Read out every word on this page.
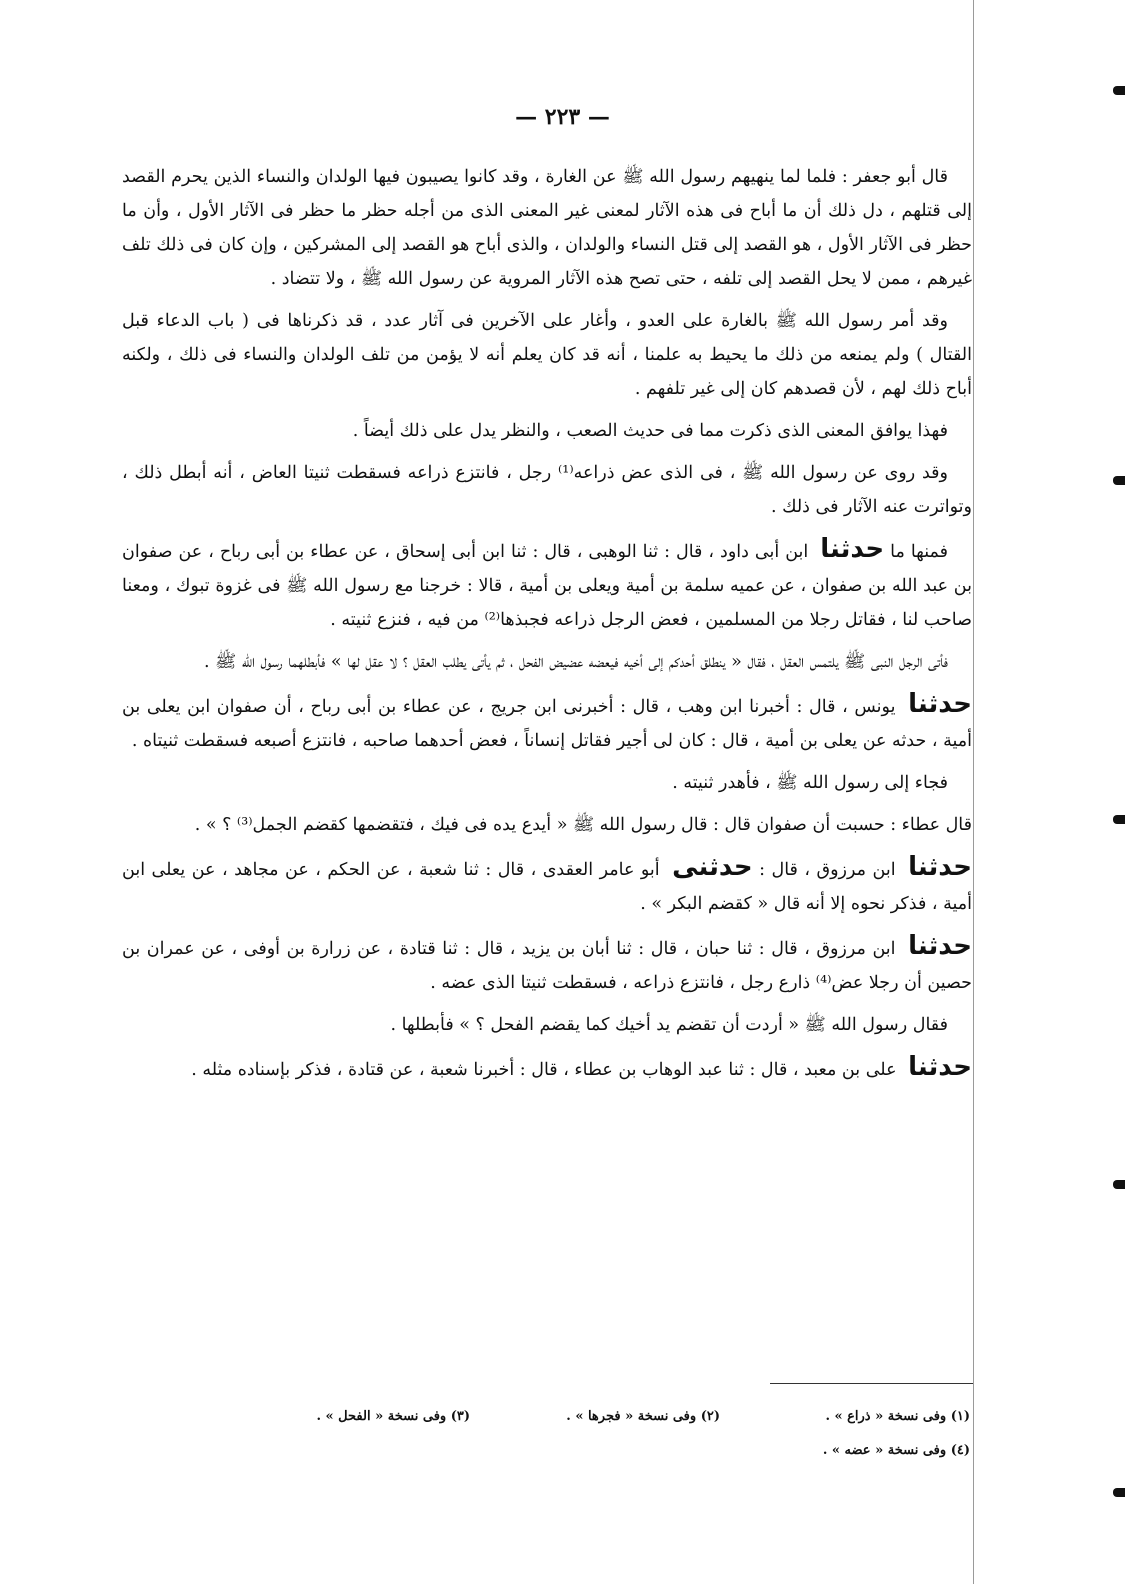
— ٢٢٣ —

قال أبو جعفر : فلما لما ينهيهم رسول الله ﷺ عن الغارة ، وقد كانوا يصيبون فيها الولدان والنساء الذين يحرم القصد إلى قتلهم ، دل ذلك أن ما أباح فى هذه الآثار لمعنى غير المعنى الذى من أجله حظر ما حظر فى الآثار الأول ، وأن ما حظر فى الآثار الأول ، هو القصد إلى قتل النساء والولدان ، والذى أباح هو القصد إلى المشركين ، وإن كان فى ذلك تلف غيرهم ، ممن لا يحل القصد إلى تلفه ، حتى تصح هذه الآثار المروية عن رسول الله ﷺ ، ولا تتضاد .

وقد أمر رسول الله ﷺ بالغارة على العدو ، وأغار على الآخرين فى آثار عدد ، قد ذكرناها فى ( باب الدعاء قبل القتال ) ولم يمنعه من ذلك ما يحيط به علمنا ، أنه قد كان يعلم أنه لا يؤمن من تلف الولدان والنساء فى ذلك ، ولكنه أباح ذلك لهم ، لأن قصدهم كان إلى غير تلفهم .

فهذا يوافق المعنى الذى ذكرت مما فى حديث الصعب ، والنظر يدل على ذلك أيضاً .

وقد روى عن رسول الله ﷺ ، فى الذى عض ذراعه⁽¹⁾ رجل ، فانتزع ذراعه فسقطت ثنيتا العاض ، أنه أبطل ذلك ، وتواترت عنه الآثار فى ذلك .

فمنها ما حدثنا ابن أبى داود ، قال : ثنا الوهبى ، قال : ثنا ابن أبى إسحاق ، عن عطاء بن أبى رباح ، عن صفوان بن عبد الله بن صفوان ، عن عميه سلمة بن أمية ويعلى بن أمية ، قالا : خرجنا مع رسول الله ﷺ فى غزوة تبوك ، ومعنا صاحب لنا ، فقاتل رجلا من المسلمين ، فعض الرجل ذراعه فجبذها⁽²⁾ من فيه ، فنزع ثنيته .

فأتى الرجل النبى ﷺ يلتمس العقل ، فقال « ينطلق أحدكم إلى أخيه فيعضه عضيض الفحل ، ثم يأتى يطلب العقل ؟ لا عقل لها » فأبطلهما رسول الله ﷺ .

حدثنا يونس ، قال : أخبرنا ابن وهب ، قال : أخبرنى ابن جريج ، عن عطاء بن أبى رباح ، أن صفوان ابن يعلى بن أمية ، حدثه عن يعلى بن أمية ، قال : كان لى أجير فقاتل إنساناً ، فعض أحدهما صاحبه ، فانتزع أصبعه فسقطت ثنيتاه .

فجاء إلى رسول الله ﷺ ، فأهدر ثنيته .

قال عطاء : حسبت أن صفوان قال : قال رسول الله ﷺ « أيدع يده فى فيك ، فتقضمها كقضم الجمل⁽³⁾ ؟ » .

حدثنا ابن مرزوق ، قال : حدثنى أبو عامر العقدى ، قال : ثنا شعبة ، عن الحكم ، عن مجاهد ، عن يعلى ابن أمية ، فذكر نحوه إلا أنه قال « كقضم البكر » .

حدثنا ابن مرزوق ، قال : ثنا حبان ، قال : ثنا أبان بن يزيد ، قال : ثنا قتادة ، عن زرارة بن أوفى ، عن عمران بن حصين أن رجلا عض⁽⁴⁾ ذارع رجل ، فانتزع ذراعه ، فسقطت ثنيتا الذى عضه .

فقال رسول الله ﷺ « أردت أن تقضم يد أخيك كما يقضم الفحل ؟ » فأبطلها .

حدثنا على بن معبد ، قال : ثنا عبد الوهاب بن عطاء ، قال : أخبرنا شعبة ، عن قتادة ، فذكر بإسناده مثله .

(١) وفى نسخة « ذراع » .
(٢) وفى نسخة « فجرها » .
(٣) وفى نسخة « الفحل » .
(٤) وفى نسخة « عضه » .
